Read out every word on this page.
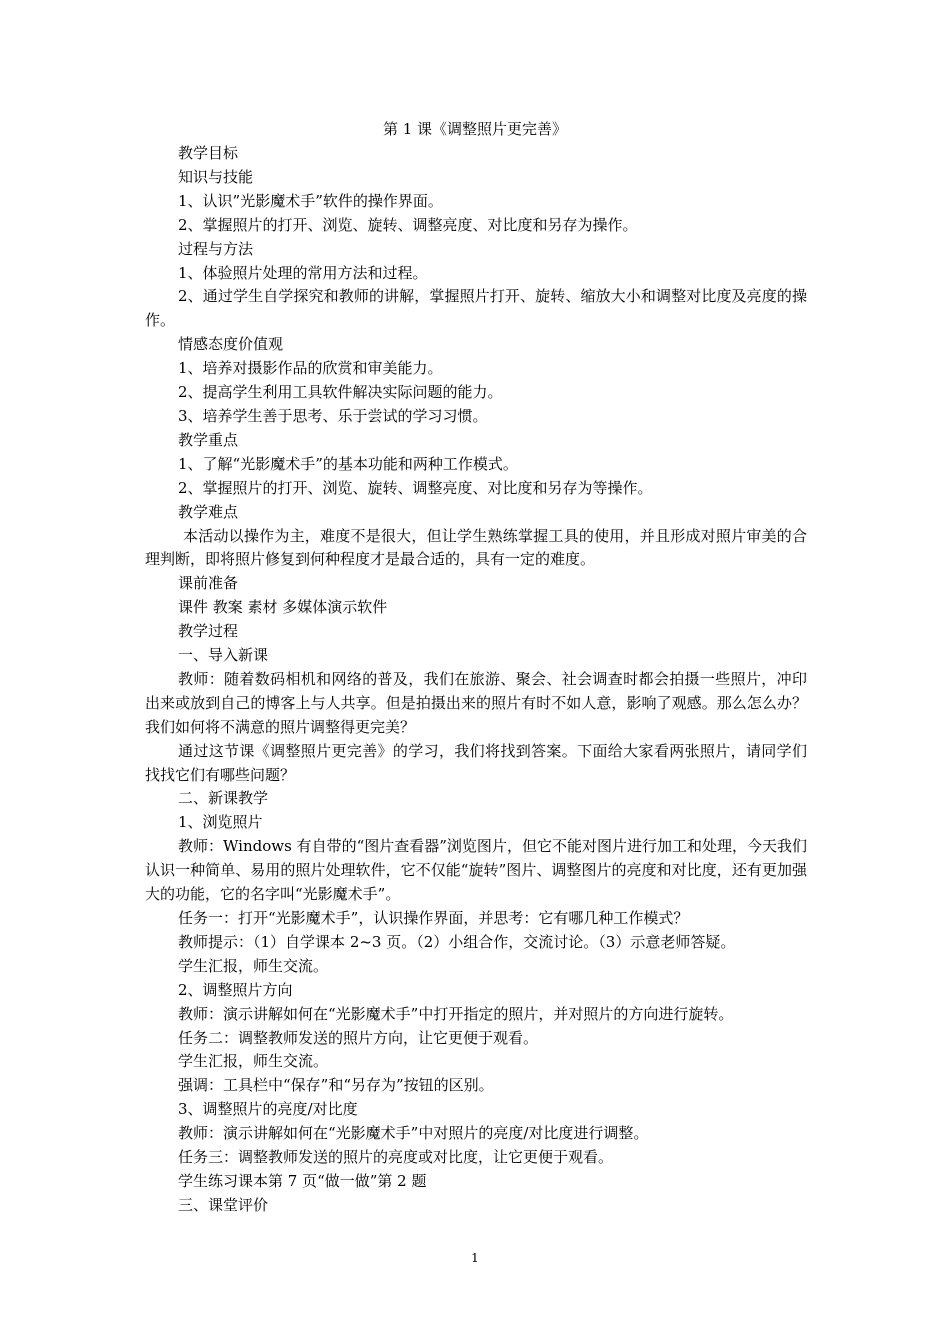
第 1 课《调整照片更完善》

教学目标

知识与技能

1、认识”光影魔术手”软件的操作界面。

2、掌握照片的打开、浏览、旋转、调整亮度、对比度和另存为操作。

过程与方法

1、体验照片处理的常用方法和过程。

2、通过学生自学探究和教师的讲解，掌握照片打开、旋转、缩放大小和调整对比度及亮度的操作。

情感态度价值观

1、培养对摄影作品的欣赏和审美能力。

2、提高学生利用工具软件解决实际问题的能力。

3、培养学生善于思考、乐于尝试的学习习惯。

教学重点

1、了解“光影魔术手”的基本功能和两种工作模式。

2、掌握照片的打开、浏览、旋转、调整亮度、对比度和另存为等操作。

教学难点

本活动以操作为主，难度不是很大，但让学生熟练掌握工具的使用，并且形成对照片审美的合理判断，即将照片修复到何种程度才是最合适的，具有一定的难度。

课前准备

课件 教案 素材 多媒体演示软件

教学过程

一、导入新课

教师：随着数码相机和网络的普及，我们在旅游、聚会、社会调查时都会拍摄一些照片，冲印出来或放到自己的博客上与人共享。但是拍摄出来的照片有时不如人意，影响了观感。那么怎么办？我们如何将不满意的照片调整得更完美？

通过这节课《调整照片更完善》的学习，我们将找到答案。下面给大家看两张照片，请同学们找找它们有哪些问题？

二、新课教学

1、浏览照片

教师：Windows 有自带的“图片查看器”浏览图片，但它不能对图片进行加工和处理，今天我们认识一种简单、易用的照片处理软件，它不仅能“旋转”图片、调整图片的亮度和对比度，还有更加强大的功能，它的名字叫“光影魔术手”。

任务一：打开“光影魔术手”，认识操作界面，并思考：它有哪几种工作模式？

教师提示：（1）自学课本 2~3 页。（2）小组合作，交流讨论。（3）示意老师答疑。

学生汇报，师生交流。

2、调整照片方向

教师：演示讲解如何在“光影魔术手”中打开指定的照片，并对照片的方向进行旋转。

任务二：调整教师发送的照片方向，让它更便于观看。

学生汇报，师生交流。

强调：工具栏中“保存”和“另存为”按钮的区别。

3、调整照片的亮度/对比度

教师：演示讲解如何在“光影魔术手”中对照片的亮度/对比度进行调整。

任务三：调整教师发送的照片的亮度或对比度，让它更便于观看。

学生练习课本第 7 页“做一做”第 2 题

三、课堂评价

1
